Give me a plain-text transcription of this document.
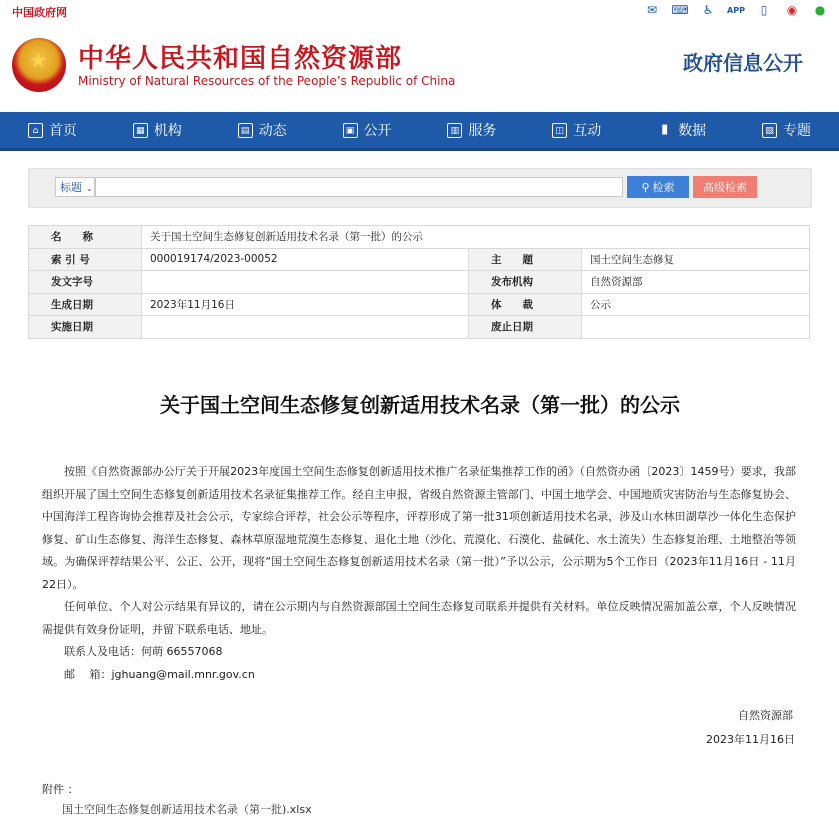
中国政府网	✉	⌨	♿	APP	▯	◉	●
★
中华人民共和国自然资源部
Ministry of Natural Resources of the People’s Republic of China
政府信息公开
⌂ 首页	▦ 机构	▤ 动态	▣ 公开	▥ 服务	◫ 互动	▮ 数据	▧ 专题
标题 ⌄	⚲ 检索	高级检索
名　　称	关于国土空间生态修复创新适用技术名录（第一批）的公示		
索 引 号	000019174/2023-00052	主　　题	国土空间生态修复
发文字号		发布机构	自然资源部
生成日期	2023年11月16日	体　　裁	公示
实施日期		废止日期	
关于国土空间生态修复创新适用技术名录（第一批）的公示

按照《自然资源部办公厅关于开展2023年度国土空间生态修复创新适用技术推广名录征集推荐工作的函》（自然资办函〔2023〕1459号）要求，我部组织开展了国土空间生态修复创新适用技术名录征集推荐工作。经自主申报，省级自然资源主管部门、中国土地学会、中国地质灾害防治与生态修复协会、中国海洋工程咨询协会推荐及社会公示，专家综合评荐，社会公示等程序，评荐形成了第一批31项创新适用技术名录，涉及山水林田湖草沙一体化生态保护修复、矿山生态修复、海洋生态修复、森林草原湿地荒漠生态修复、退化土地（沙化、荒漠化、石漠化、盐碱化、水土流失）生态修复治理、土地整治等领域。为确保评荐结果公平、公正、公开，现将“国土空间生态修复创新适用技术名录（第一批）”予以公示，公示期为5个工作日（2023年11月16日 - 11月22日）。

任何单位、个人对公示结果有异议的，请在公示期内与自然资源部国土空间生态修复司联系并提供有关材料。单位反映情况需加盖公章，个人反映情况需提供有效身份证明，并留下联系电话、地址。

联系人及电话：何萌 66557068

邮　 箱：jghuang@mail.mnr.gov.cn

自然资源部
2023年11月16日
附件 ：
国土空间生态修复创新适用技术名录（第一批).xlsx
